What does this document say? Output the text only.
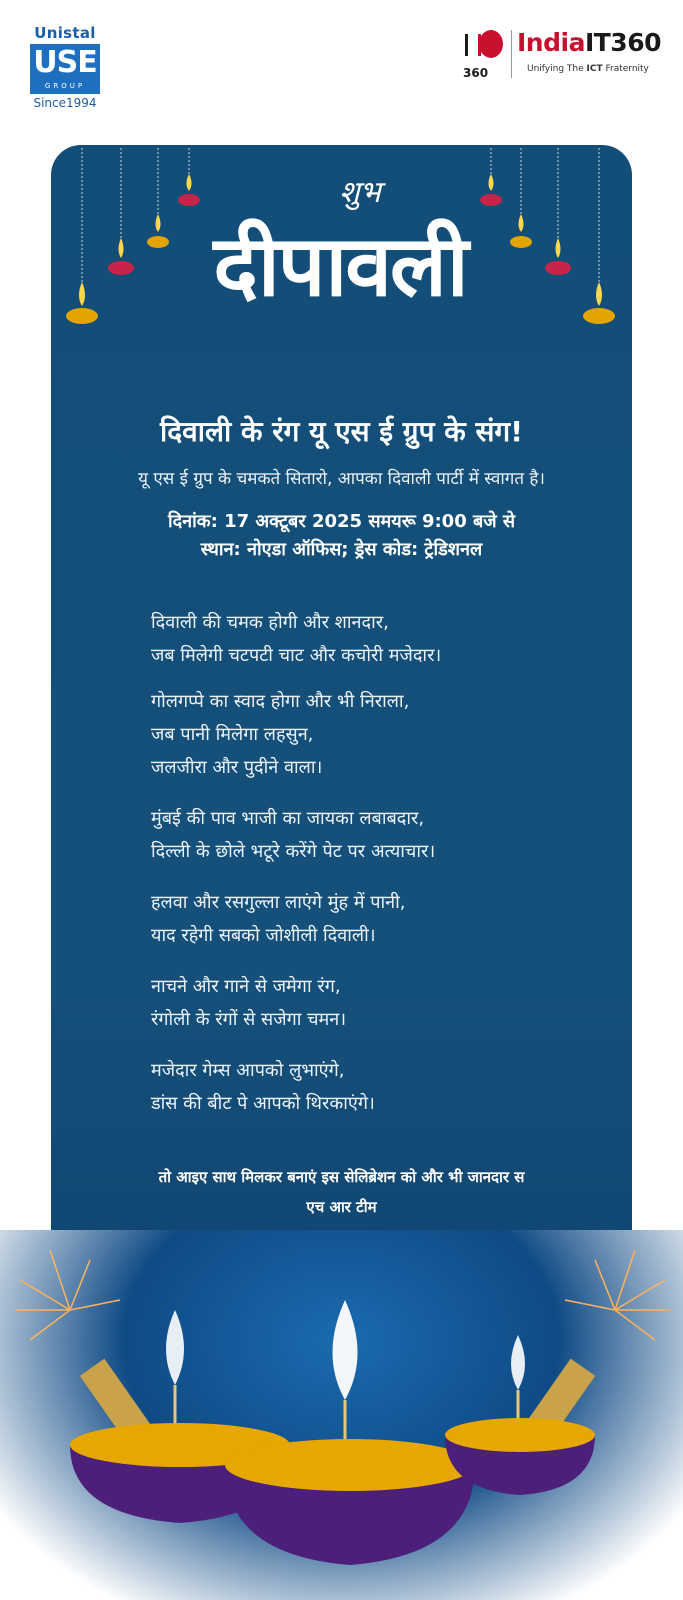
Unistal
USE
GROUP
Since1994
360
IndiaIT360
Unifying The ICT Fraternity
शुभ
दीपावली
दिवाली के रंग यू एस ई ग्रुप के संग!
यू एस ई ग्रुप के चमकते सितारो, आपका दिवाली पार्टी में स्वागत है।
दिनांक: 17 अक्टूबर 2025 समयरू 9:00 बजे से
स्थान: नोएडा ऑफिस; ड्रेस कोड: ट्रेडिशनल
दिवाली की चमक होगी और शानदार,
जब मिलेगी चटपटी चाट और कचोरी मजेदार।
गोलगप्पे का स्वाद होगा और भी निराला,
जब पानी मिलेगा लहसुन,
जलजीरा और पुदीने वाला।
मुंबई की पाव भाजी का जायका लबाबदार,
दिल्ली के छोले भटूरे करेंगे पेट पर अत्याचार।
हलवा और रसगुल्ला लाएंगे मुंह में पानी,
याद रहेगी सबको जोशीली दिवाली।
नाचने और गाने से जमेगा रंग,
रंगोली के रंगों से सजेगा चमन।
मजेदार गेम्स आपको लुभाएंगे,
डांस की बीट पे आपको थिरकाएंगे।
तो आइए साथ मिलकर बनाएं इस सेलिब्रेशन को और भी जानदार स
एच आर टीम
